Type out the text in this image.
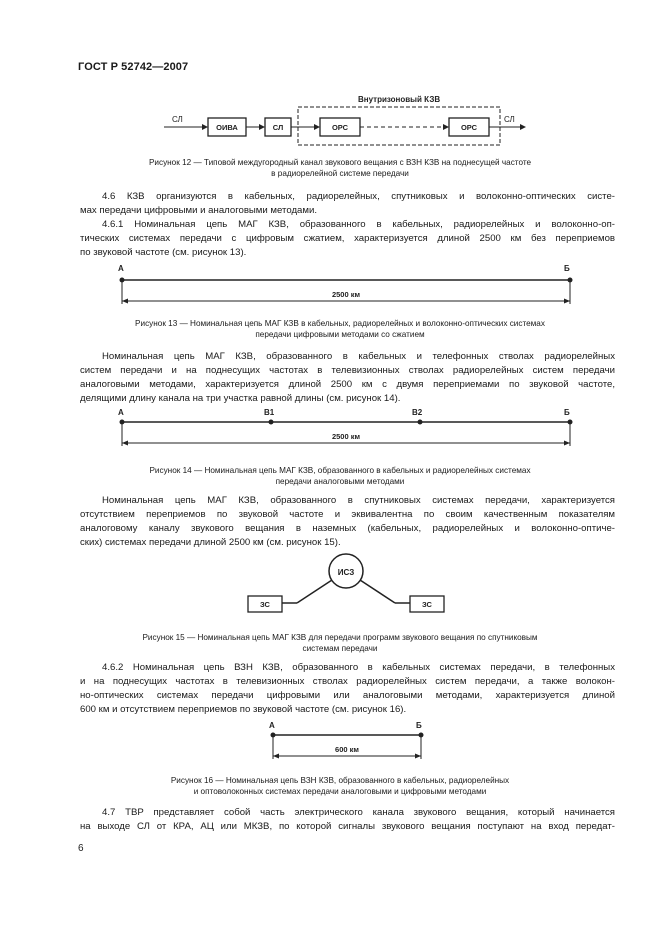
ГОСТ Р 52742—2007
Внутризоновый КЗВ
СЛ
ОИВА	СЛ	ОРС	ОРС
СЛ
Рисунок 12 — Типовой междугородный канал звукового вещания с ВЗН КЗВ на поднесущей частоте
в радиорелейной системе передачи
4.6 КЗВ организуются в кабельных, радиорелейных, спутниковых и волоконно-оптических систе-
мах передачи цифровыми и аналоговыми методами.
4.6.1 Номинальная цепь МАГ КЗВ, образованного в кабельных, радиорелейных и волоконно-оп-
тических системах передачи с цифровым сжатием, характеризуется длиной 2500 км без переприемов
по звуковой частоте (см. рисунок 13).
А	Б
2500 км
Рисунок 13 — Номинальная цепь МАГ КЗВ в кабельных, радиорелейных и волоконно-оптических системах
передачи цифровыми методами со сжатием
Номинальная цепь МАГ КЗВ, образованного в кабельных и телефонных стволах радиорелейных
систем передачи и на поднесущих частотах в телевизионных стволах радиорелейных систем передачи
аналоговыми методами, характеризуется длиной 2500 км с двумя переприемами по звуковой частоте,
делящими длину канала на три участка равной длины (см. рисунок 14).
А	В1	В2	Б
2500 км
Рисунок 14 — Номинальная цепь МАГ КЗВ, образованного в кабельных и радиорелейных системах
передачи аналоговыми методами
Номинальная цепь МАГ КЗВ, образованного в спутниковых системах передачи, характеризуется
отсутствием переприемов по звуковой частоте и эквивалентна по своим качественным показателям
аналоговому каналу звукового вещания в наземных (кабельных, радиорелейных и волоконно-оптиче-
ских) системах передачи длиной 2500 км (см. рисунок 15).
ИСЗ
ЗС	ЗС
Рисунок 15 — Номинальная цепь МАГ КЗВ для передачи программ звукового вещания по спутниковым
системам передачи
4.6.2 Номинальная цепь ВЗН КЗВ, образованного в кабельных системах передачи, в телефонных
и на поднесущих частотах в телевизионных стволах радиорелейных систем передачи, а также волокон-
но-оптических системах передачи цифровыми или аналоговыми методами, характеризуется длиной
600 км и отсутствием переприемов по звуковой частоте (см. рисунок 16).
А	Б
600 км
Рисунок 16 — Номинальная цепь ВЗН КЗВ, образованного в кабельных, радиорелейных
и оптоволоконных системах передачи аналоговыми и цифровыми методами
4.7 ТВР представляет собой часть электрического канала звукового вещания, который начинается
на выходе СЛ от КРА, АЦ или МКЗВ, по которой сигналы звукового вещания поступают на вход передат-
6
